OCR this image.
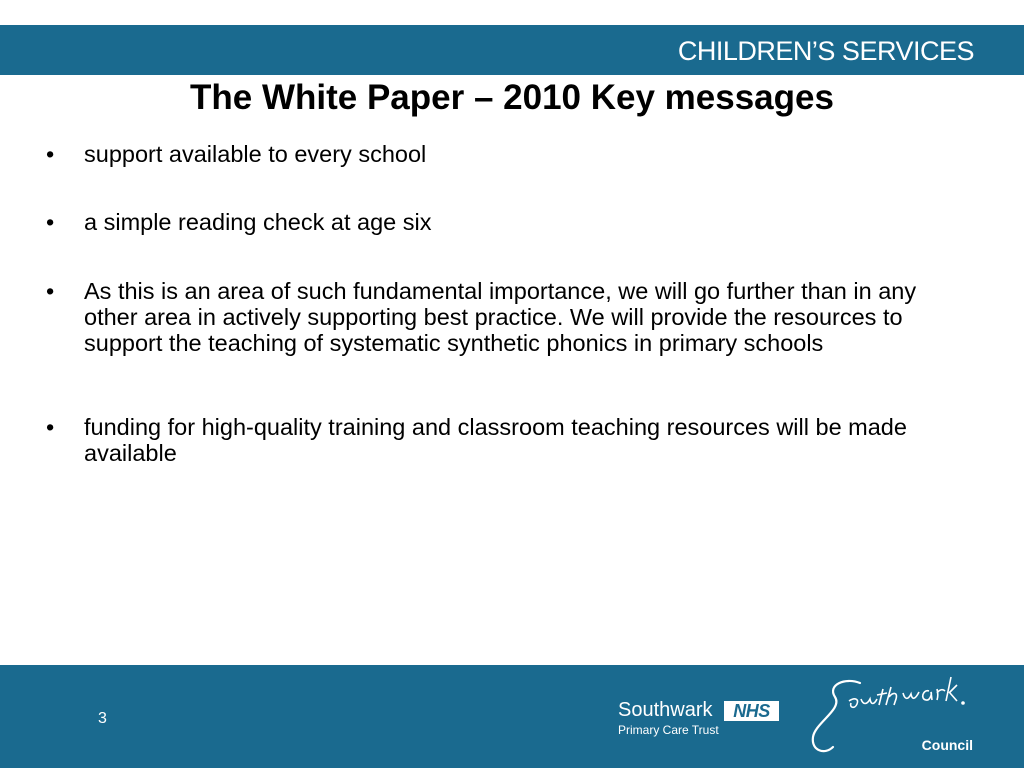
CHILDREN’S SERVICES
The White Paper – 2010 Key messages
• support available to every school
• a simple reading check at age six
• As this is an area of such fundamental importance, we will go further than in any other area in actively supporting best practice. We will provide the resources to support the teaching of systematic synthetic phonics in primary schools
• funding for high-quality training and classroom teaching resources will be made available
3	Southwark	NHS
Primary Care Trust
Council
